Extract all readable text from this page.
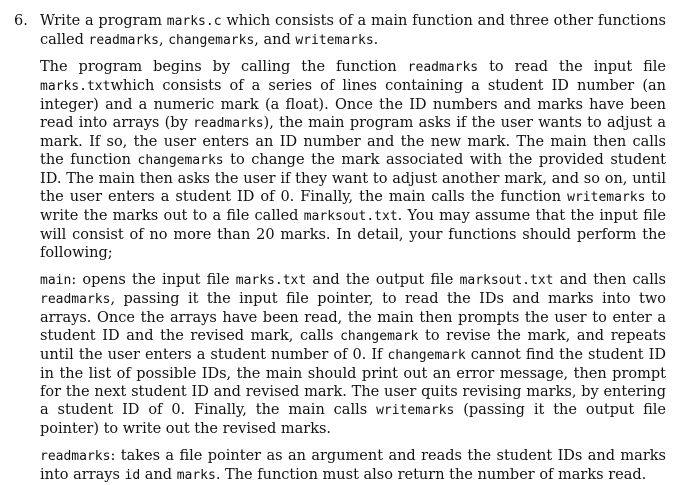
6. Write a program marks.c which consists of a main function and three other functions called readmarks, changemarks, and writemarks.
The program begins by calling the function readmarks to read the input file marks.txtwhich consists of a series of lines containing a student ID number (an integer) and a numeric mark (a float). Once the ID numbers and marks have been read into arrays (by readmarks), the main program asks if the user wants to adjust a mark. If so, the user enters an ID number and the new mark. The main then calls the function changemarks to change the mark associated with the provided student ID. The main then asks the user if they want to adjust another mark, and so on, until the user enters a student ID of 0. Finally, the main calls the function writemarks to write the marks out to a file called marksout.txt. You may assume that the input file will consist of no more than 20 marks. In detail, your functions should perform the following;
main: opens the input file marks.txt and the output file marksout.txt and then calls readmarks, passing it the input file pointer, to read the IDs and marks into two arrays. Once the arrays have been read, the main then prompts the user to enter a student ID and the revised mark, calls changemark to revise the mark, and repeats until the user enters a student number of 0. If changemark cannot find the student ID in the list of possible IDs, the main should print out an error message, then prompt for the next student ID and revised mark. The user quits revising marks, by entering a student ID of 0. Finally, the main calls writemarks (passing it the output file pointer) to write out the revised marks.
readmarks: takes a file pointer as an argument and reads the student IDs and marks into arrays id and marks. The function must also return the number of marks read.
